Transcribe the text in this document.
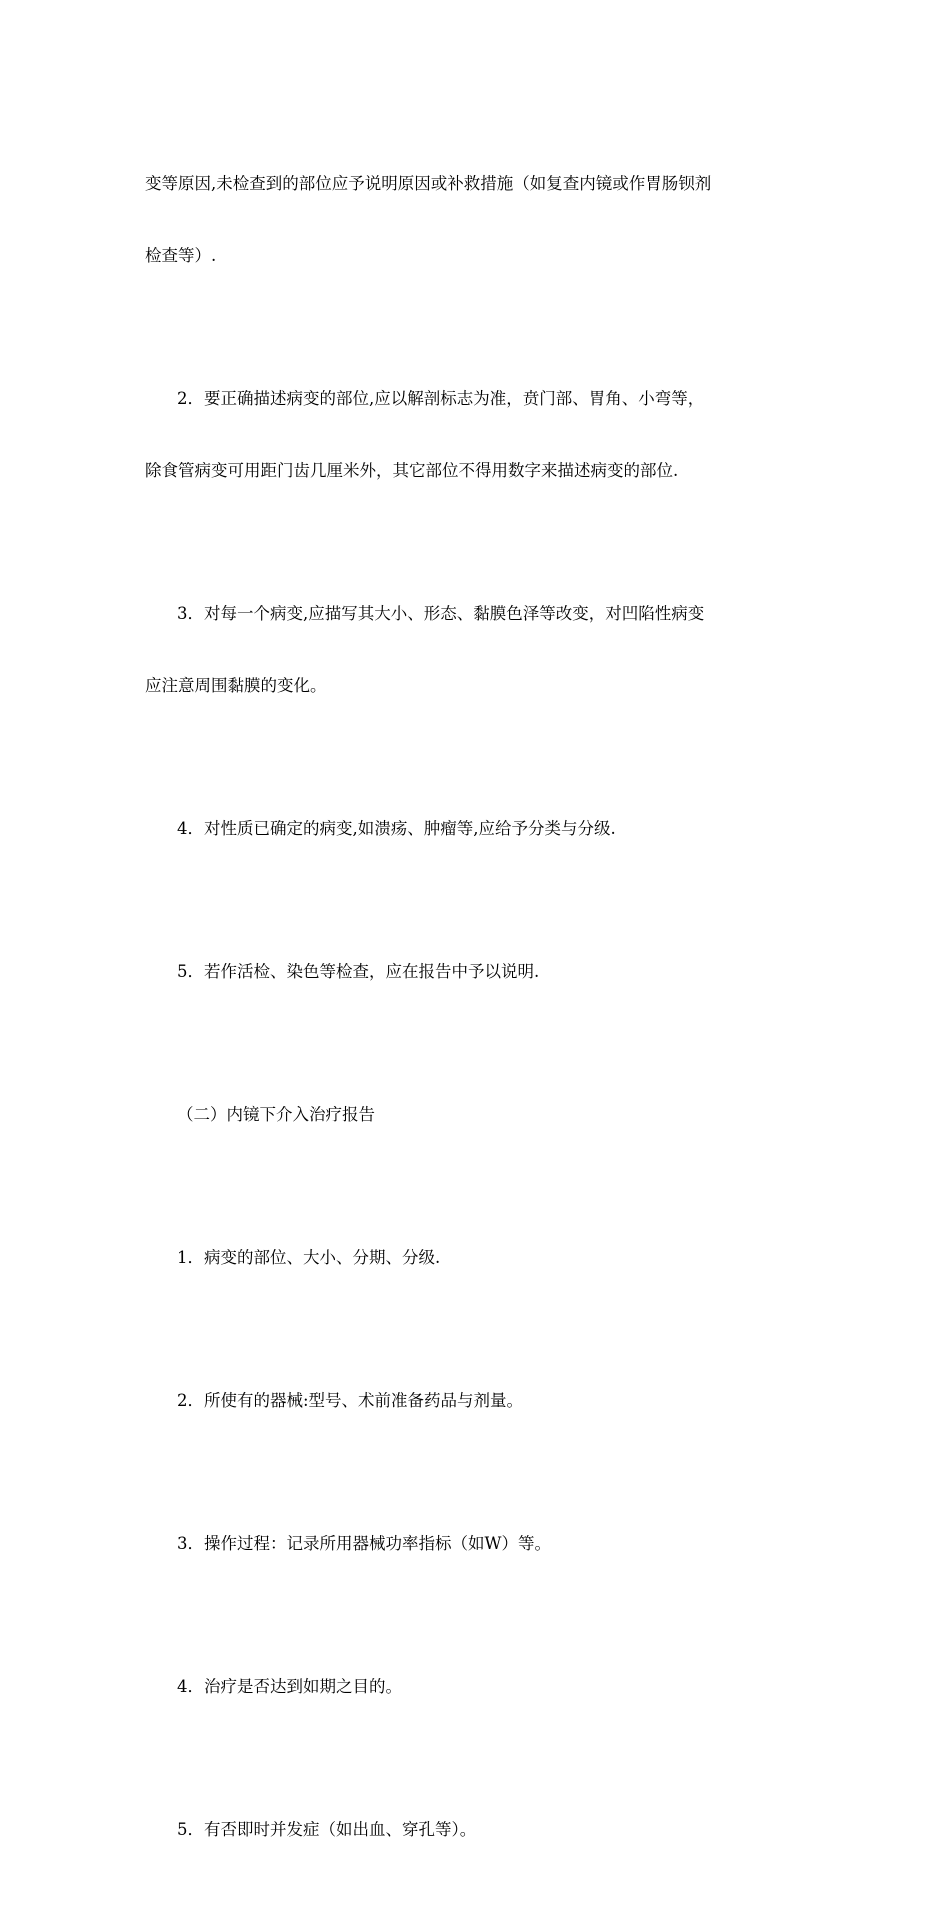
变等原因,未检查到的部位应予说明原因或补救措施（如复查内镜或作胃肠钡剂

检查等）.

2．要正确描述病变的部位,应以解剖标志为准，贲门部、胃角、小弯等，

除食管病变可用距门齿几厘米外，其它部位不得用数字来描述病变的部位.

3．对每一个病变,应描写其大小、形态、黏膜色泽等改变，对凹陷性病变

应注意周围黏膜的变化。

4．对性质已确定的病变,如溃疡、肿瘤等,应给予分类与分级.

5．若作活检、染色等检查，应在报告中予以说明.

（二）内镜下介入治疗报告

1．病变的部位、大小、分期、分级.

2．所使有的器械:型号、术前准备药品与剂量。

3．操作过程：记录所用器械功率指标（如W）等。

4．治疗是否达到如期之目的。

5．有否即时并发症（如出血、穿孔等）。
